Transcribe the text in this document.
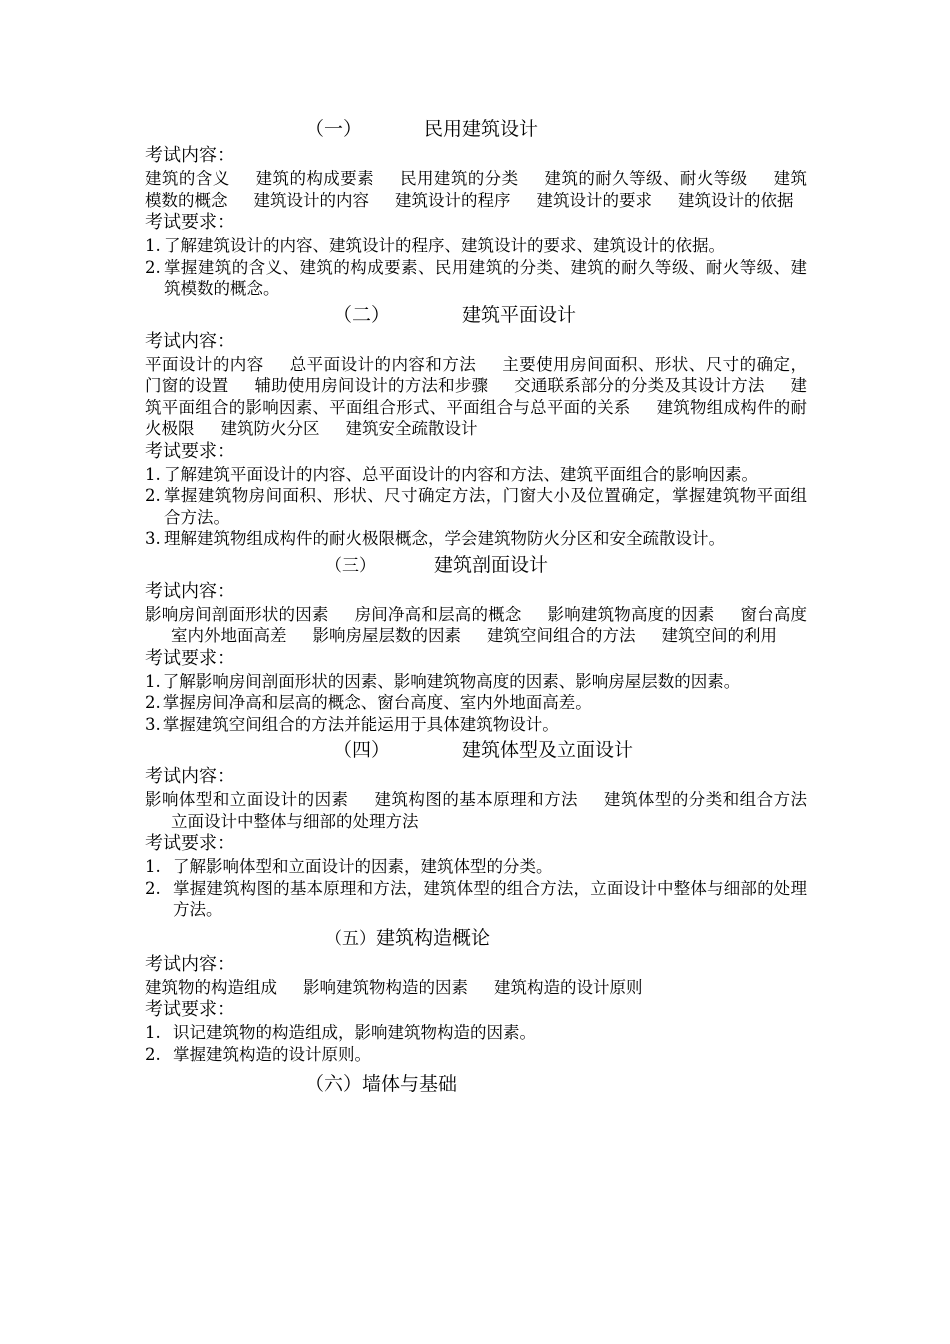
（一）	民用建筑设计
考试内容：
建筑的含义 建筑的构成要素 民用建筑的分类 建筑的耐久等级、耐火等级 建筑模数的概念 建筑设计的内容 建筑设计的程序 建筑设计的要求 建筑设计的依据
考试要求：
1. 了解建筑设计的内容、建筑设计的程序、建筑设计的要求、建筑设计的依据。
2. 掌握建筑的含义、建筑的构成要素、民用建筑的分类、建筑的耐久等级、耐火等级、建筑模数的概念。
（二）	建筑平面设计
考试内容：
平面设计的内容 总平面设计的内容和方法 主要使用房间面积、形状、尺寸的确定，门窗的设置 辅助使用房间设计的方法和步骤 交通联系部分的分类及其设计方法 建筑平面组合的影响因素、平面组合形式、平面组合与总平面的关系 建筑物组成构件的耐火极限 建筑防火分区 建筑安全疏散设计
考试要求：
1. 了解建筑平面设计的内容、总平面设计的内容和方法、建筑平面组合的影响因素。
2. 掌握建筑物房间面积、形状、尺寸确定方法，门窗大小及位置确定，掌握建筑物平面组合方法。
3. 理解建筑物组成构件的耐火极限概念，学会建筑物防火分区和安全疏散设计。
（三）	建筑剖面设计
考试内容：
影响房间剖面形状的因素 房间净高和层高的概念 影响建筑物高度的因素 窗台高度室内外地面高差 影响房屋层数的因素 建筑空间组合的方法 建筑空间的利用
考试要求：
1. 了解影响房间剖面形状的因素、影响建筑物高度的因素、影响房屋层数的因素。
2. 掌握房间净高和层高的概念、窗台高度、室内外地面高差。
3. 掌握建筑空间组合的方法并能运用于具体建筑物设计。
（四）	建筑体型及立面设计
考试内容：
影响体型和立面设计的因素 建筑构图的基本原理和方法 建筑体型的分类和组合方法立面设计中整体与细部的处理方法
考试要求：
1. 了解影响体型和立面设计的因素，建筑体型的分类。
2. 掌握建筑构图的基本原理和方法，建筑体型的组合方法，立面设计中整体与细部的处理方法。
（五）建筑构造概论
考试内容：
建筑物的构造组成 影响建筑物构造的因素 建筑构造的设计原则
考试要求：
1. 识记建筑物的构造组成，影响建筑物构造的因素。
2. 掌握建筑构造的设计原则。
（六）墙体与基础
